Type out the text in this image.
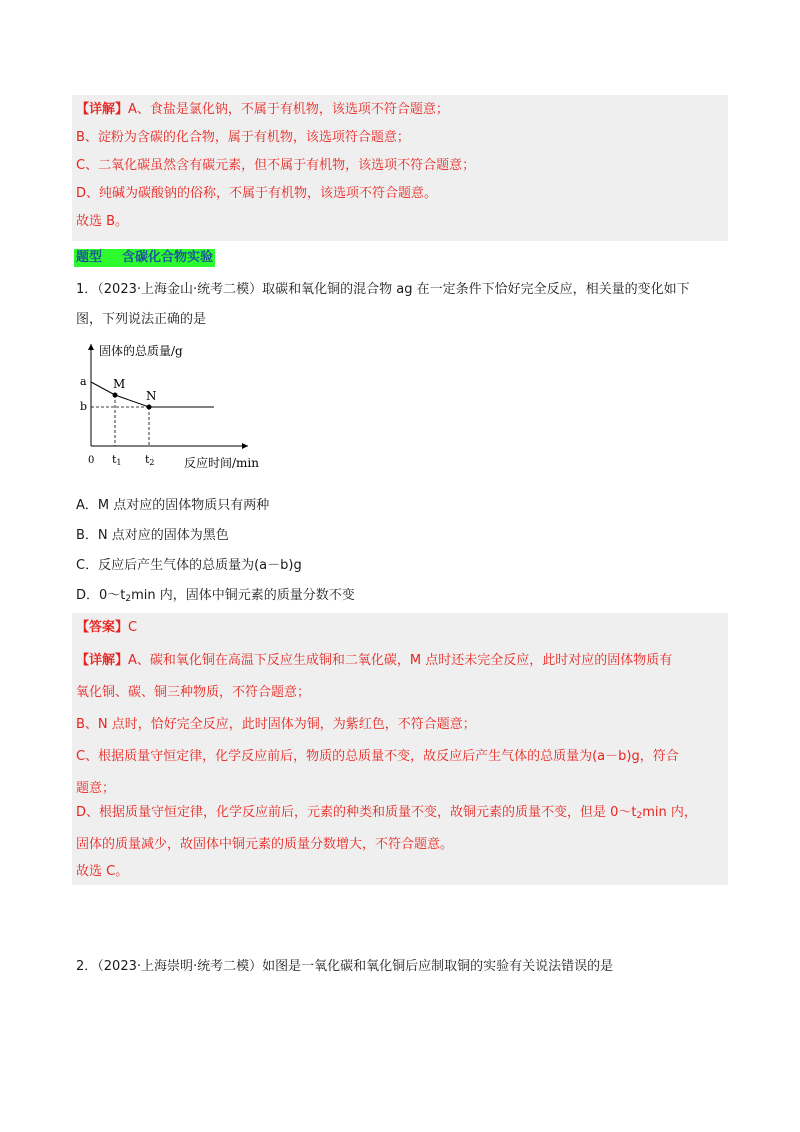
【详解】A、食盐是氯化钠，不属于有机物，该选项不符合题意；
B、淀粉为含碳的化合物，属于有机物，该选项符合题意；
C、二氧化碳虽然含有碳元素，但不属于有机物，该选项不符合题意；
D、纯碱为碳酸钠的俗称，不属于有机物，该选项不符合题意。
故选 B。
题型 含碳化合物实验
1．（2023·上海金山·统考二模）取碳和氧化铜的混合物 ag 在一定条件下恰好完全反应，相关量的变化如下
图，下列说法正确的是
固体的总质量/g
反应时间/min
0
a
b
t1 t2
M
N
A．M 点对应的固体物质只有两种
B．N 点对应的固体为黑色
C．反应后产生气体的总质量为(a－b)g
D．$0\sim t_2\min$ 内，固体中铜元素的质量分数不变
【答案】C
【详解】A、碳和氧化铜在高温下反应生成铜和二氧化碳，M 点时还未完全反应，此时对应的固体物质有
氧化铜、碳、铜三种物质，不符合题意；
B、N 点时，恰好完全反应，此时固体为铜，为紫红色，不符合题意；
C、根据质量守恒定律，化学反应前后，物质的总质量不变，故反应后产生气体的总质量为(a－b)g，符合
题意；
D、根据质量守恒定律，化学反应前后，元素的种类和质量不变，故铜元素的质量不变，但是 $0\sim t_2\min$ 内，
固体的质量减少，故固体中铜元素的质量分数增大，不符合题意。
故选 C。
2．（2023·上海崇明·统考二模）如图是一氧化碳和氧化铜后应制取铜的实验有关说法错误的是
